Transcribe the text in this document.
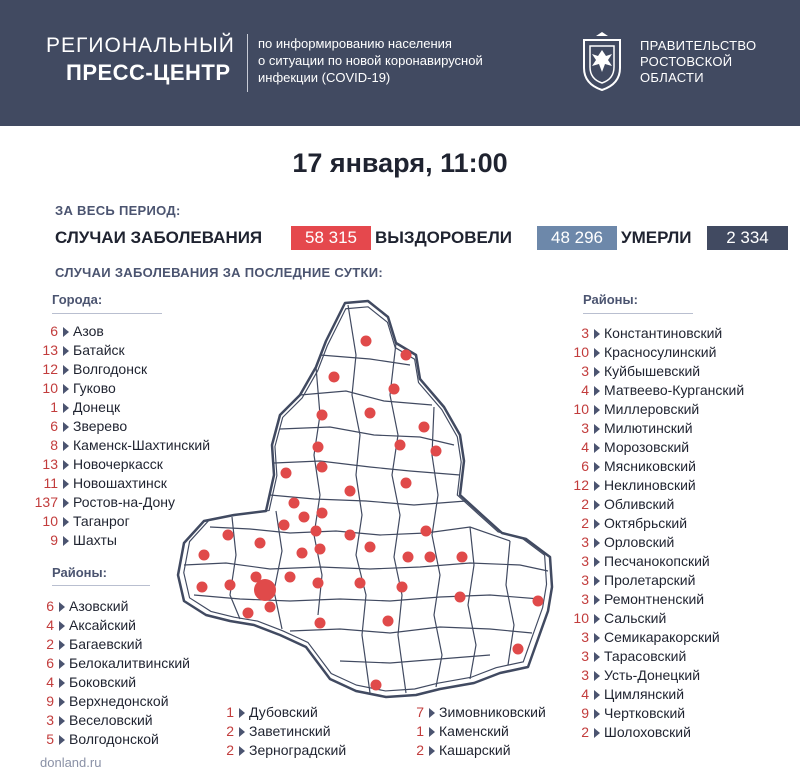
РЕГИОНАЛЬНЫЙ
ПРЕСС-ЦЕНТР
по информированию населения
о ситуации по новой коронавирусной
инфекции (COVID-19)
ПРАВИТЕЛЬСТВО
РОСТОВСКОЙ
ОБЛАСТИ
17 января, 11:00
ЗА ВЕСЬ ПЕРИОД:
СЛУЧАИ ЗАБОЛЕВАНИЯ	58 315	ВЫЗДОРОВЕЛИ	48 296	УМЕРЛИ	2 334
СЛУЧАИ ЗАБОЛЕВАНИЯ ЗА ПОСЛЕДНИЕ СУТКИ:
Города:
6 Азов
13 Батайск
12 Волгодонск
10 Гуково
1 Донецк
6 Зверево
8 Каменск-Шахтинский
13 Новочеркасск
11 Новошахтинск
137 Ростов-на-Дону
10 Таганрог
9 Шахты
Районы:
6 Азовский
4 Аксайский
2 Багаевский
6 Белокалитвинский
4 Боковский
9 Верхнедонской
3 Веселовский
5 Волгодонской
1 Дубовский
2 Заветинский
2 Зерноградский
7 Зимовниковский
1 Каменский
2 Кашарский
Районы:
3 Константиновский
10 Красносулинский
3 Куйбышевский
4 Матвеево-Курганский
10 Миллеровский
3 Милютинский
4 Морозовский
6 Мясниковский
12 Неклиновский
2 Обливский
2 Октябрьский
3 Орловский
3 Песчанокопский
3 Пролетарский
3 Ремонтненский
10 Сальский
3 Семикаракорский
3 Тарасовский
3 Усть-Донецкий
4 Цимлянский
9 Чертковский
2 Шолоховский
donland.ru
